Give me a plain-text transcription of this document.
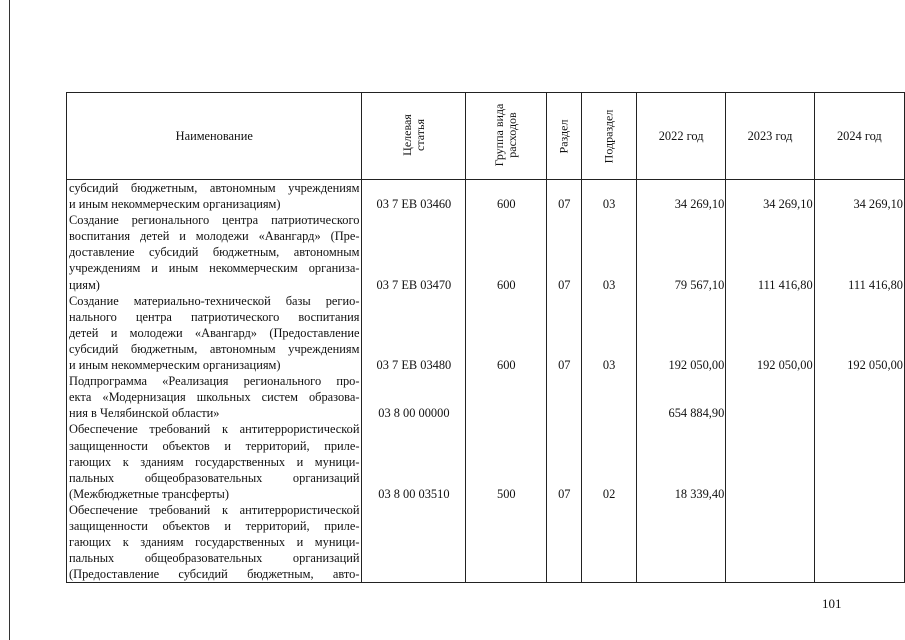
Наименование	Целевая статья	Группа вида расходов	Раздел	Подраздел	2022 год	2023 год	2024 год

субсидий бюджетным, автономным учреждениям
и иным некоммерческим организациям)	03 7 ЕВ 03460	600	07	03	34 269,10	34 269,10	34 269,10

Создание регионального центра патриотического
воспитания детей и молодежи «Авангард» (Пре-
доставление субсидий бюджетным, автономным
учреждениям и иным некоммерческим организа-
циям)	03 7 ЕВ 03470	600	07	03	79 567,10	111 416,80	111 416,80

Создание материально-технической базы регио-
нального центра патриотического воспитания
детей и молодежи «Авангард» (Предоставление
субсидий бюджетным, автономным учреждениям
и иным некоммерческим организациям)	03 7 ЕВ 03480	600	07	03	192 050,00	192 050,00	192 050,00

Подпрограмма «Реализация регионального про-
екта «Модернизация школьных систем образова-
ния в Челябинской области»	03 8 00 00000				654 884,90		

Обеспечение требований к антитеррористической
защищенности объектов и территорий, приле-
гающих к зданиям государственных и муници-
пальных общеобразовательных организаций
(Межбюджетные трансферты)	03 8 00 03510	500	07	02	18 339,40		

Обеспечение требований к антитеррористической
защищенности объектов и территорий, приле-
гающих к зданиям государственных и муници-
пальных общеобразовательных организаций
(Предоставление субсидий бюджетным, авто-							

101
